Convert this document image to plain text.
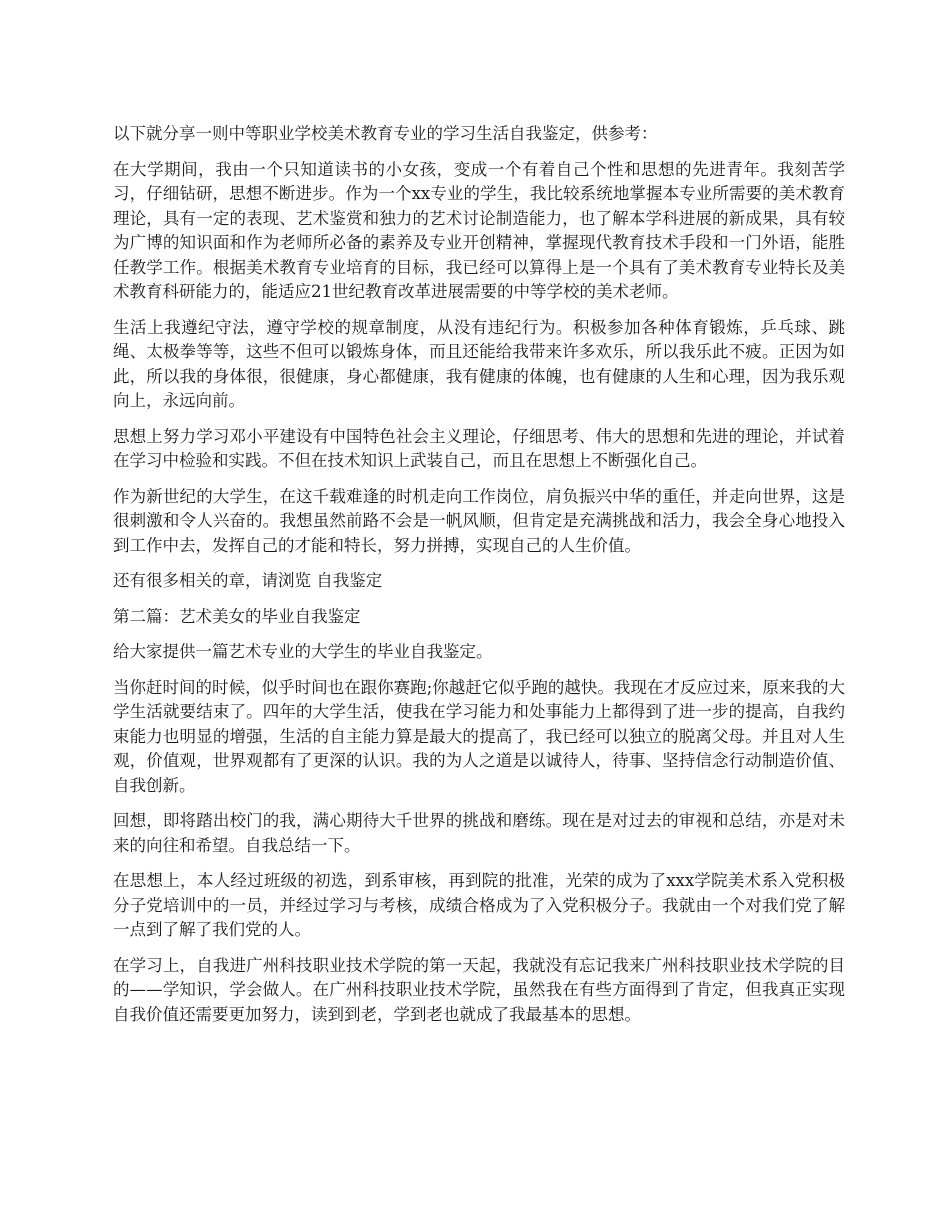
以下就分享一则中等职业学校美术教育专业的学习生活自我鉴定，供参考：

在大学期间，我由一个只知道读书的小女孩，变成一个有着自己个性和思想的先进青年。我刻苦学习，仔细钻研，思想不断进步。作为一个xx专业的学生，我比较系统地掌握本专业所需要的美术教育理论，具有一定的表现、艺术鉴赏和独力的艺术讨论制造能力，也了解本学科进展的新成果，具有较为广博的知识面和作为老师所必备的素养及专业开创精神，掌握现代教育技术手段和一门外语，能胜任教学工作。根据美术教育专业培育的目标，我已经可以算得上是一个具有了美术教育专业特长及美术教育科研能力的，能适应21世纪教育改革进展需要的中等学校的美术老师。

生活上我遵纪守法，遵守学校的规章制度，从没有违纪行为。积极参加各种体育锻炼，乒乓球、跳绳、太极拳等等，这些不但可以锻炼身体，而且还能给我带来许多欢乐，所以我乐此不疲。正因为如此，所以我的身体很，很健康，身心都健康，我有健康的体魄，也有健康的人生和心理，因为我乐观向上，永远向前。

思想上努力学习邓小平建设有中国特色社会主义理论，仔细思考、伟大的思想和先进的理论，并试着在学习中检验和实践。不但在技术知识上武装自己，而且在思想上不断强化自己。

作为新世纪的大学生，在这千载难逢的时机走向工作岗位，肩负振兴中华的重任，并走向世界，这是很刺激和令人兴奋的。我想虽然前路不会是一帆风顺，但肯定是充满挑战和活力，我会全身心地投入到工作中去，发挥自己的才能和特长，努力拼搏，实现自己的人生价值。

还有很多相关的章，请浏览 自我鉴定

第二篇：艺术美女的毕业自我鉴定

给大家提供一篇艺术专业的大学生的毕业自我鉴定。

当你赶时间的时候，似乎时间也在跟你赛跑;你越赶它似乎跑的越快。我现在才反应过来，原来我的大学生活就要结束了。四年的大学生活，使我在学习能力和处事能力上都得到了进一步的提高，自我约束能力也明显的增强，生活的自主能力算是最大的提高了，我已经可以独立的脱离父母。并且对人生观，价值观，世界观都有了更深的认识。我的为人之道是以诚待人，待事、坚持信念行动制造价值、自我创新。

回想，即将踏出校门的我，满心期待大千世界的挑战和磨练。现在是对过去的审视和总结，亦是对未来的向往和希望。自我总结一下。

在思想上，本人经过班级的初选，到系审核，再到院的批准，光荣的成为了xxx学院美术系入党积极分子党培训中的一员，并经过学习与考核，成绩合格成为了入党积极分子。我就由一个对我们党了解一点到了解了我们党的人。

在学习上，自我进广州科技职业技术学院的第一天起，我就没有忘记我来广州科技职业技术学院的目的——学知识，学会做人。在广州科技职业技术学院，虽然我在有些方面得到了肯定，但我真正实现自我价值还需要更加努力，读到到老，学到老也就成了我最基本的思想。
